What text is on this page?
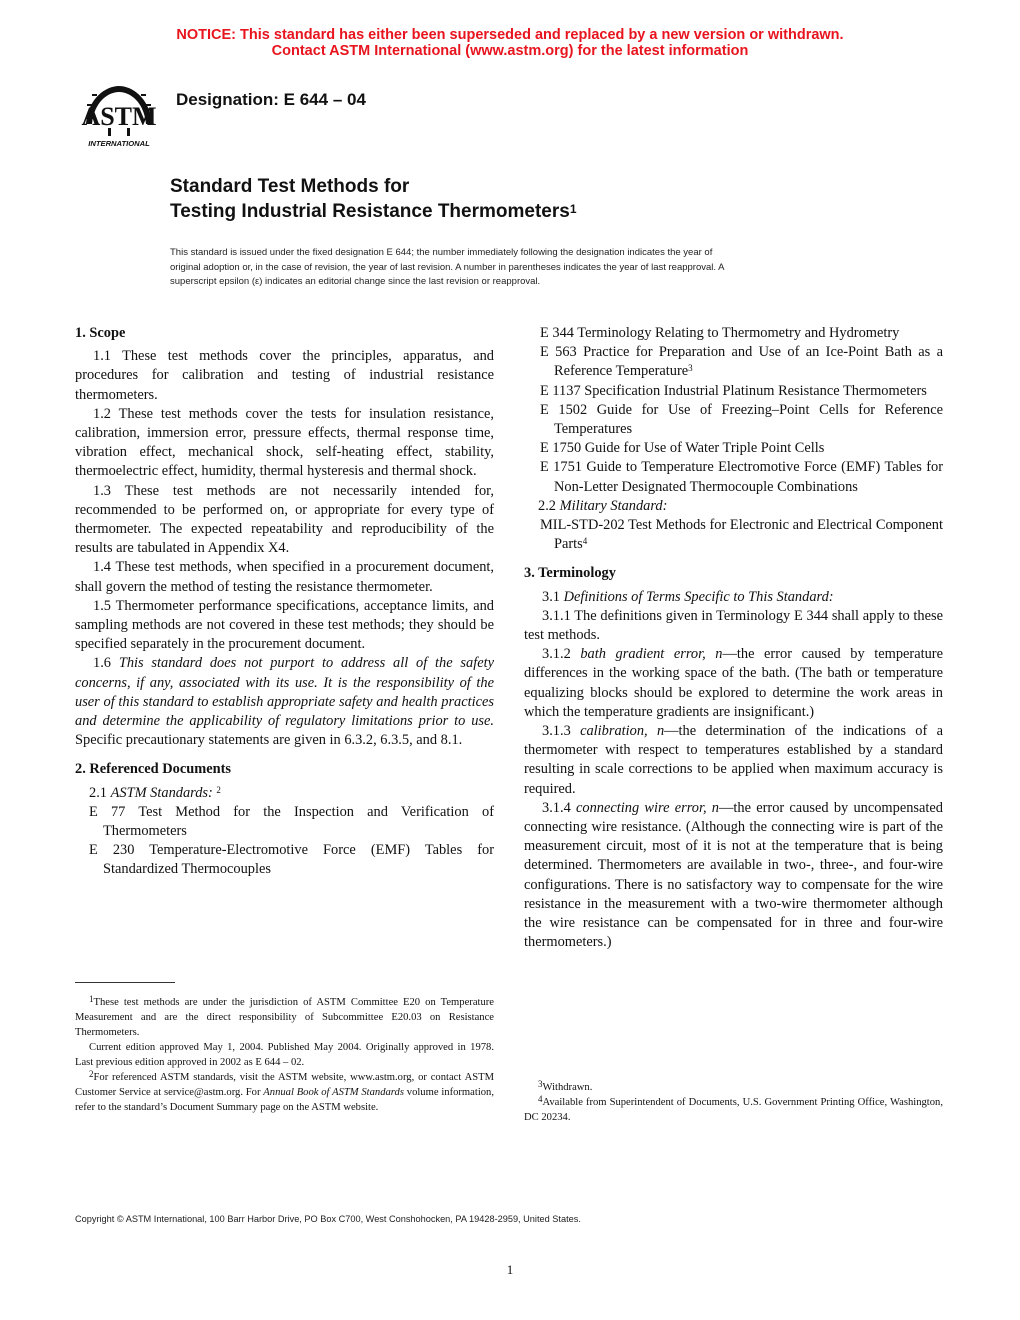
NOTICE: This standard has either been superseded and replaced by a new version or withdrawn.
Contact ASTM International (www.astm.org) for the latest information
ASTM
INTERNATIONAL
Designation: E 644 – 04
Standard Test Methods for
Testing Industrial Resistance Thermometers$^1$
This standard is issued under the fixed designation E 644; the number immediately following the designation indicates the year of
original adoption or, in the case of revision, the year of last revision. A number in parentheses indicates the year of last reapproval. A
superscript epsilon (ε) indicates an editorial change since the last revision or reapproval.
1. Scope

1.1 These test methods cover the principles, apparatus, and procedures for calibration and testing of industrial resistance thermometers.

1.2 These test methods cover the tests for insulation resistance, calibration, immersion error, pressure effects, thermal response time, vibration effect, mechanical shock, self-heating effect, stability, thermoelectric effect, humidity, thermal hysteresis and thermal shock.

1.3 These test methods are not necessarily intended for, recommended to be performed on, or appropriate for every type of thermometer. The expected repeatability and reproducibility of the results are tabulated in Appendix X4.

1.4 These test methods, when specified in a procurement document, shall govern the method of testing the resistance thermometer.

1.5 Thermometer performance specifications, acceptance limits, and sampling methods are not covered in these test methods; they should be specified separately in the procurement document.

1.6 This standard does not purport to address all of the safety concerns, if any, associated with its use. It is the responsibility of the user of this standard to establish appropriate safety and health practices and determine the applicability of regulatory limitations prior to use. Specific precautionary statements are given in 6.3.2, 6.3.5, and 8.1.

2. Referenced Documents

2.1 ASTM Standards: $^2$

E 77 Test Method for the Inspection and Verification of Thermometers

E 230 Temperature-Electromotive Force (EMF) Tables for Standardized Thermocouples

$^1$These test methods are under the jurisdiction of ASTM Committee E20 on Temperature Measurement and are the direct responsibility of Subcommittee E20.03 on Resistance Thermometers.

Current edition approved May 1, 2004. Published May 2004. Originally approved in 1978. Last previous edition approved in 2002 as E 644 – 02.

$^2$For referenced ASTM standards, visit the ASTM website, www.astm.org, or contact ASTM Customer Service at service@astm.org. For Annual Book of ASTM Standards volume information, refer to the standard’s Document Summary page on the ASTM website.

E 344 Terminology Relating to Thermometry and Hydrometry

E 563 Practice for Preparation and Use of an Ice-Point Bath as a Reference Temperature$^3$

E 1137 Specification Industrial Platinum Resistance Thermometers

E 1502 Guide for Use of Freezing–Point Cells for Reference Temperatures

E 1750 Guide for Use of Water Triple Point Cells

E 1751 Guide to Temperature Electromotive Force (EMF) Tables for Non-Letter Designated Thermocouple Combinations

2.2 Military Standard:

MIL-STD-202 Test Methods for Electronic and Electrical Component Parts$^4$

3. Terminology

3.1 Definitions of Terms Specific to This Standard:

3.1.1 The definitions given in Terminology E 344 shall apply to these test methods.

3.1.2 bath gradient error, n—the error caused by temperature differences in the working space of the bath. (The bath or temperature equalizing blocks should be explored to determine the work areas in which the temperature gradients are insignificant.)

3.1.3 calibration, n—the determination of the indications of a thermometer with respect to temperatures established by a standard resulting in scale corrections to be applied when maximum accuracy is required.

3.1.4 connecting wire error, n—the error caused by uncompensated connecting wire resistance. (Although the connecting wire is part of the measurement circuit, most of it is not at the temperature that is being determined. Thermometers are available in two-, three-, and four-wire configurations. There is no satisfactory way to compensate for the wire resistance in the measurement with a two-wire thermometer although the wire resistance can be compensated for in three and four-wire thermometers.)

$^3$Withdrawn.

$^4$Available from Superintendent of Documents, U.S. Government Printing Office, Washington, DC 20234.

Copyright © ASTM International, 100 Barr Harbor Drive, PO Box C700, West Conshohocken, PA 19428-2959, United States.
1
